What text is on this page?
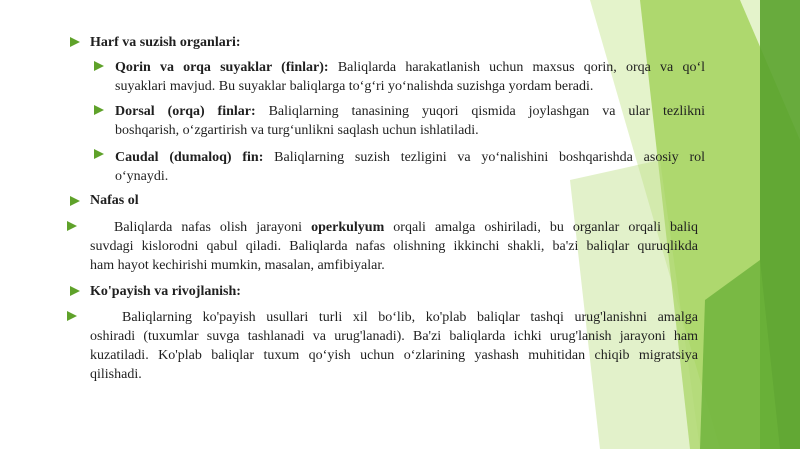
Harf va suzish organlari:
Qorin va orqa suyaklar (finlar): Baliqlarda harakatlanish uchun maxsus qorin, orqa va qo‘l
suyaklari mavjud. Bu suyaklar baliqlarga to‘g‘ri yo‘nalishda suzishga yordam beradi.
Dorsal (orqa) finlar: Baliqlarning tanasining yuqori qismida joylashgan va ular tezlikni
boshqarish, o‘zgartirish va turg‘unlikni saqlash uchun ishlatiladi.
Caudal (dumaloq) fin: Baliqlarning suzish tezligini va yo‘nalishini boshqarishda asosiy rol
o‘ynaydi.
Nafas ol
Baliqlarda nafas olish jarayoni operkulyum orqali amalga oshiriladi, bu organlar orqali baliq
suvdagi kislorodni qabul qiladi. Baliqlarda nafas olishning ikkinchi shakli, ba'zi baliqlar quruqlikda
ham hayot kechirishi mumkin, masalan, amfibiyalar.
Ko'payish va rivojlanish:
Baliqlarning ko'payish usullari turli xil bo‘lib, ko'plab baliqlar tashqi urug'lanishni amalga
oshiradi (tuxumlar suvga tashlanadi va urug'lanadi). Ba'zi baliqlarda ichki urug'lanish jarayoni ham
kuzatiladi. Ko'plab baliqlar tuxum qo‘yish uchun o‘zlarining yashash muhitidan chiqib migratsiya
qilishadi.
